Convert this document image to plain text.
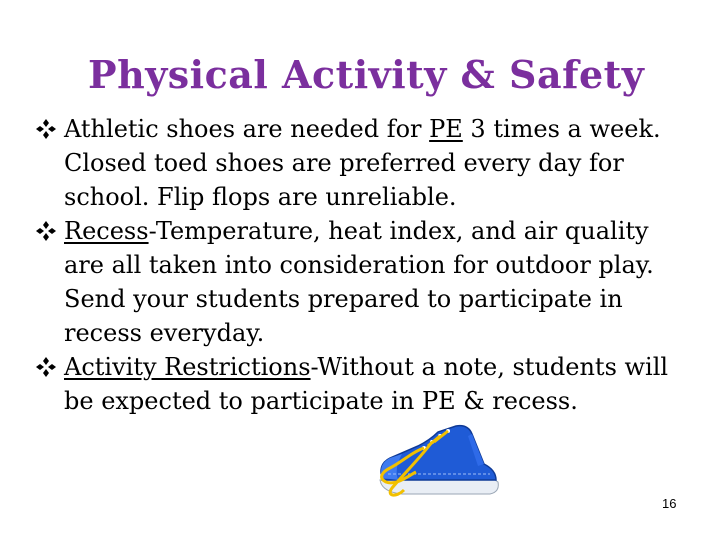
Physical Activity & Safety
Athletic shoes are needed for PE 3 times a week. Closed toed shoes are preferred every day for school. Flip flops are unreliable.
Recess-Temperature, heat index, and air quality are all taken into consideration for outdoor play. Send your students prepared to participate in recess everyday.
Activity Restrictions-Without a note, students will be expected to participate in PE & recess.
16
